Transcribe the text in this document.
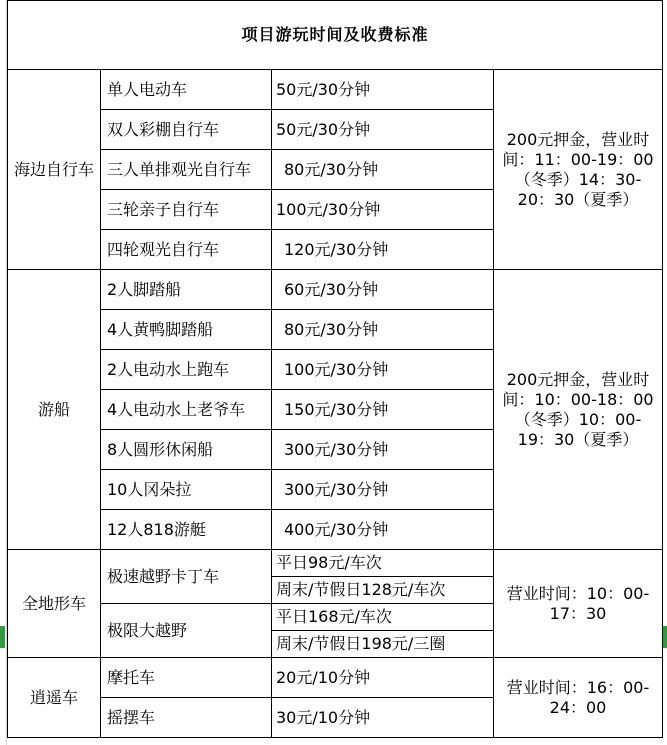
项目游玩时间及收费标准			
海边自行车	单人电动车	50元/30分钟	200元押金，营业时间：11：00-19：00（冬季）14：30-20：30（夏季）
	双人彩棚自行车	50元/30分钟	
	三人单排观光自行车	80元/30分钟	
	三轮亲子自行车	100元/30分钟	
	四轮观光自行车	120元/30分钟	
游船	2人脚踏船	60元/30分钟	200元押金，营业时间：10：00-18：00（冬季）10：00-19：30（夏季）
	4人黄鸭脚踏船	80元/30分钟	
	2人电动水上跑车	100元/30分钟	
	4人电动水上老爷车	150元/30分钟	
	8人圆形休闲船	300元/30分钟	
	10人冈朵拉	300元/30分钟	
	12人818游艇	400元/30分钟	
全地形车	极速越野卡丁车	平日98元/车次	营业时间：10：00-17：30
		周末/节假日128元/车次	
	极限大越野	平日168元/车次	
		周末/节假日198元/三圈	
逍遥车	摩托车	20元/10分钟	营业时间：16：00-24：00
	摇摆车	30元/10分钟	
